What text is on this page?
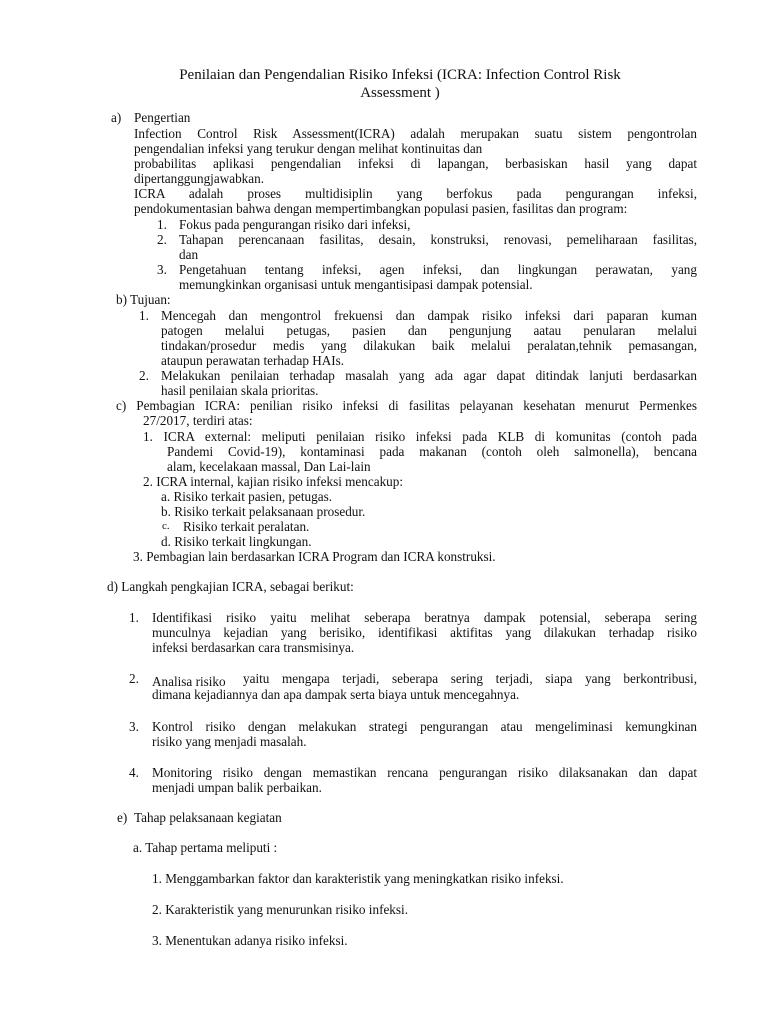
Penilaian dan Pengendalian Risiko Infeksi (ICRA: Infection Control Risk
Assessment )
a) Pengertian
Infection Control Risk Assessment(ICRA) adalah merupakan suatu sistem pengontrolan
pengendalian infeksi yang terukur dengan melihat kontinuitas dan
probabilitas aplikasi pengendalian infeksi di lapangan, berbasiskan hasil yang dapat
dipertanggungjawabkan.
ICRA adalah proses multidisiplin yang berfokus pada pengurangan infeksi,
pendokumentasian bahwa dengan mempertimbangkan populasi pasien, fasilitas dan program:
1. Fokus pada pengurangan risiko dari infeksi,
2. Tahapan perencanaan fasilitas, desain, konstruksi, renovasi, pemeliharaan fasilitas,
dan
3. Pengetahuan tentang infeksi, agen infeksi, dan lingkungan perawatan, yang
memungkinkan organisasi untuk mengantisipasi dampak potensial.
b) Tujuan:
1. Mencegah dan mengontrol frekuensi dan dampak risiko infeksi dari paparan kuman
patogen melalui petugas, pasien dan pengunjung aatau penularan melalui
tindakan/prosedur medis yang dilakukan baik melalui peralatan,tehnik pemasangan,
ataupun perawatan terhadap HAIs.
2. Melakukan penilaian terhadap masalah yang ada agar dapat ditindak lanjuti berdasarkan
hasil penilaian skala prioritas.
c) Pembagian ICRA: penilian risiko infeksi di fasilitas pelayanan kesehatan menurut Permenkes
27/2017, terdiri atas:
1. ICRA external: meliputi penilaian risiko infeksi pada KLB di komunitas (contoh pada
Pandemi Covid-19), kontaminasi pada makanan (contoh oleh salmonella), bencana
alam, kecelakaan massal, Dan Lai-lain
2. ICRA internal, kajian risiko infeksi mencakup:
a. Risiko terkait pasien, petugas.
b. Risiko terkait pelaksanaan prosedur.
c. Risiko terkait peralatan.
d. Risiko terkait lingkungan.
3. Pembagian lain berdasarkan ICRA Program dan ICRA konstruksi.
d) Langkah pengkajian ICRA, sebagai berikut:
1. Identifikasi risiko yaitu melihat seberapa beratnya dampak potensial, seberapa sering
munculnya kejadian yang berisiko, identifikasi aktifitas yang dilakukan terhadap risiko
infeksi berdasarkan cara transmisinya.
2. Analisa risiko	yaitu mengapa terjadi, seberapa sering terjadi, siapa yang berkontribusi,
dimana kejadiannya dan apa dampak serta biaya untuk mencegahnya.
3. Kontrol risiko dengan melakukan strategi pengurangan atau mengeliminasi kemungkinan
risiko yang menjadi masalah.
4. Monitoring risiko dengan memastikan rencana pengurangan risiko dilaksanakan dan dapat
menjadi umpan balik perbaikan.
e) Tahap pelaksanaan kegiatan
a. Tahap pertama meliputi :
1. Menggambarkan faktor dan karakteristik yang meningkatkan risiko infeksi.
2. Karakteristik yang menurunkan risiko infeksi.
3. Menentukan adanya risiko infeksi.
